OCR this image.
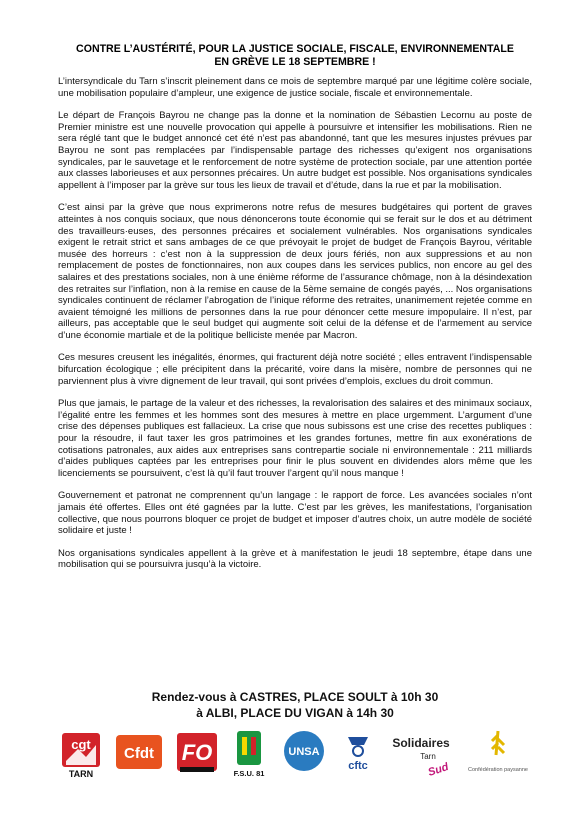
CONTRE L’AUSTÉRITÉ, POUR LA JUSTICE SOCIALE, FISCALE, ENVIRONNEMENTALE
EN GRÈVE LE 18 SEPTEMBRE !

L’intersyndicale du Tarn s’inscrit pleinement dans ce mois de septembre marqué par une légitime colère sociale, une mobilisation populaire d’ampleur, une exigence de justice sociale, fiscale et environnementale.

Le départ de François Bayrou ne change pas la donne et la nomination de Sébastien Lecornu au poste de Premier ministre est une nouvelle provocation qui appelle à poursuivre et intensifier les mobilisations. Rien ne sera réglé tant que le budget annoncé cet été n’est pas abandonné, tant que les mesures injustes prévues par Bayrou ne sont pas remplacées par l’indispensable partage des richesses qu’exigent nos organisations syndicales, par le sauvetage et le renforcement de notre système de protection sociale, par une attention portée aux classes laborieuses et aux personnes précaires. Un autre budget est possible. Nos organisations syndicales appellent à l’imposer par la grève sur tous les lieux de travail et d’étude, dans la rue et par la mobilisation.

C’est ainsi par la grève que nous exprimerons notre refus de mesures budgétaires qui portent de graves atteintes à nos conquis sociaux, que nous dénoncerons toute économie qui se ferait sur le dos et au détriment des travailleurs·euses, des personnes précaires et socialement vulnérables. Nos organisations syndicales exigent le retrait strict et sans ambages de ce que prévoyait le projet de budget de François Bayrou, véritable musée des horreurs : c’est non à la suppression de deux jours fériés, non aux suppressions et au non remplacement de postes de fonctionnaires, non aux coupes dans les services publics, non encore au gel des salaires et des prestations sociales, non à une énième réforme de l’assurance chômage, non à la désindexation des retraites sur l’inflation, non à la remise en cause de la 5ème semaine de congés payés, ... Nos organisations syndicales continuent de réclamer l’abrogation de l’inique réforme des retraites, unanimement rejetée comme en avaient témoigné les millions de personnes dans la rue pour dénoncer cette mesure impopulaire. Il n’est, par ailleurs, pas acceptable que le seul budget qui augmente soit celui de la défense et de l’armement au service d’une économie martiale et de la politique belliciste menée par Macron.

Ces mesures creusent les inégalités, énormes, qui fracturent déjà notre société ; elles entravent l’indispensable bifurcation écologique ; elle précipitent dans la précarité, voire dans la misère, nombre de personnes qui ne parviennent plus à vivre dignement de leur travail, qui sont privées d’emplois, exclues du droit commun.

Plus que jamais, le partage de la valeur et des richesses, la revalorisation des salaires et des minimaux sociaux, l’égalité entre les femmes et les hommes sont des mesures à mettre en place urgemment. L’argument d’une crise des dépenses publiques est fallacieux. La crise que nous subissons est une crise des recettes publiques : pour la résoudre, il faut taxer les gros patrimoines et les grandes fortunes, mettre fin aux exonérations de cotisations patronales, aux aides aux entreprises sans contrepartie sociale ni environnementale : 211 milliards d’aides publiques captées par les entreprises pour finir le plus souvent en dividendes alors même que les licenciements se poursuivent, c’est là qu’il faut trouver l’argent qu’il nous manque !

Gouvernement et patronat ne comprennent qu’un langage : le rapport de force. Les avancées sociales n’ont jamais été offertes. Elles ont été gagnées par la lutte. C’est par les grèves, les manifestations, l’organisation collective, que nous pourrons bloquer ce projet de budget et imposer d’autres choix, un autre modèle de société solidaire et juste !

Nos organisations syndicales appellent à la grève et à manifestation le jeudi 18 septembre, étape dans une mobilisation qui se poursuivra jusqu’à la victoire.

Rendez-vous à CASTRES, PLACE SOULT à 10h 30
à ALBI, PLACE DU VIGAN à 14h 30
cgt
TARN
Cfdt FO
F.S.U. 81
UNSA
cftc
Solidaires
Tarn
Sud	Confédération paysanne
